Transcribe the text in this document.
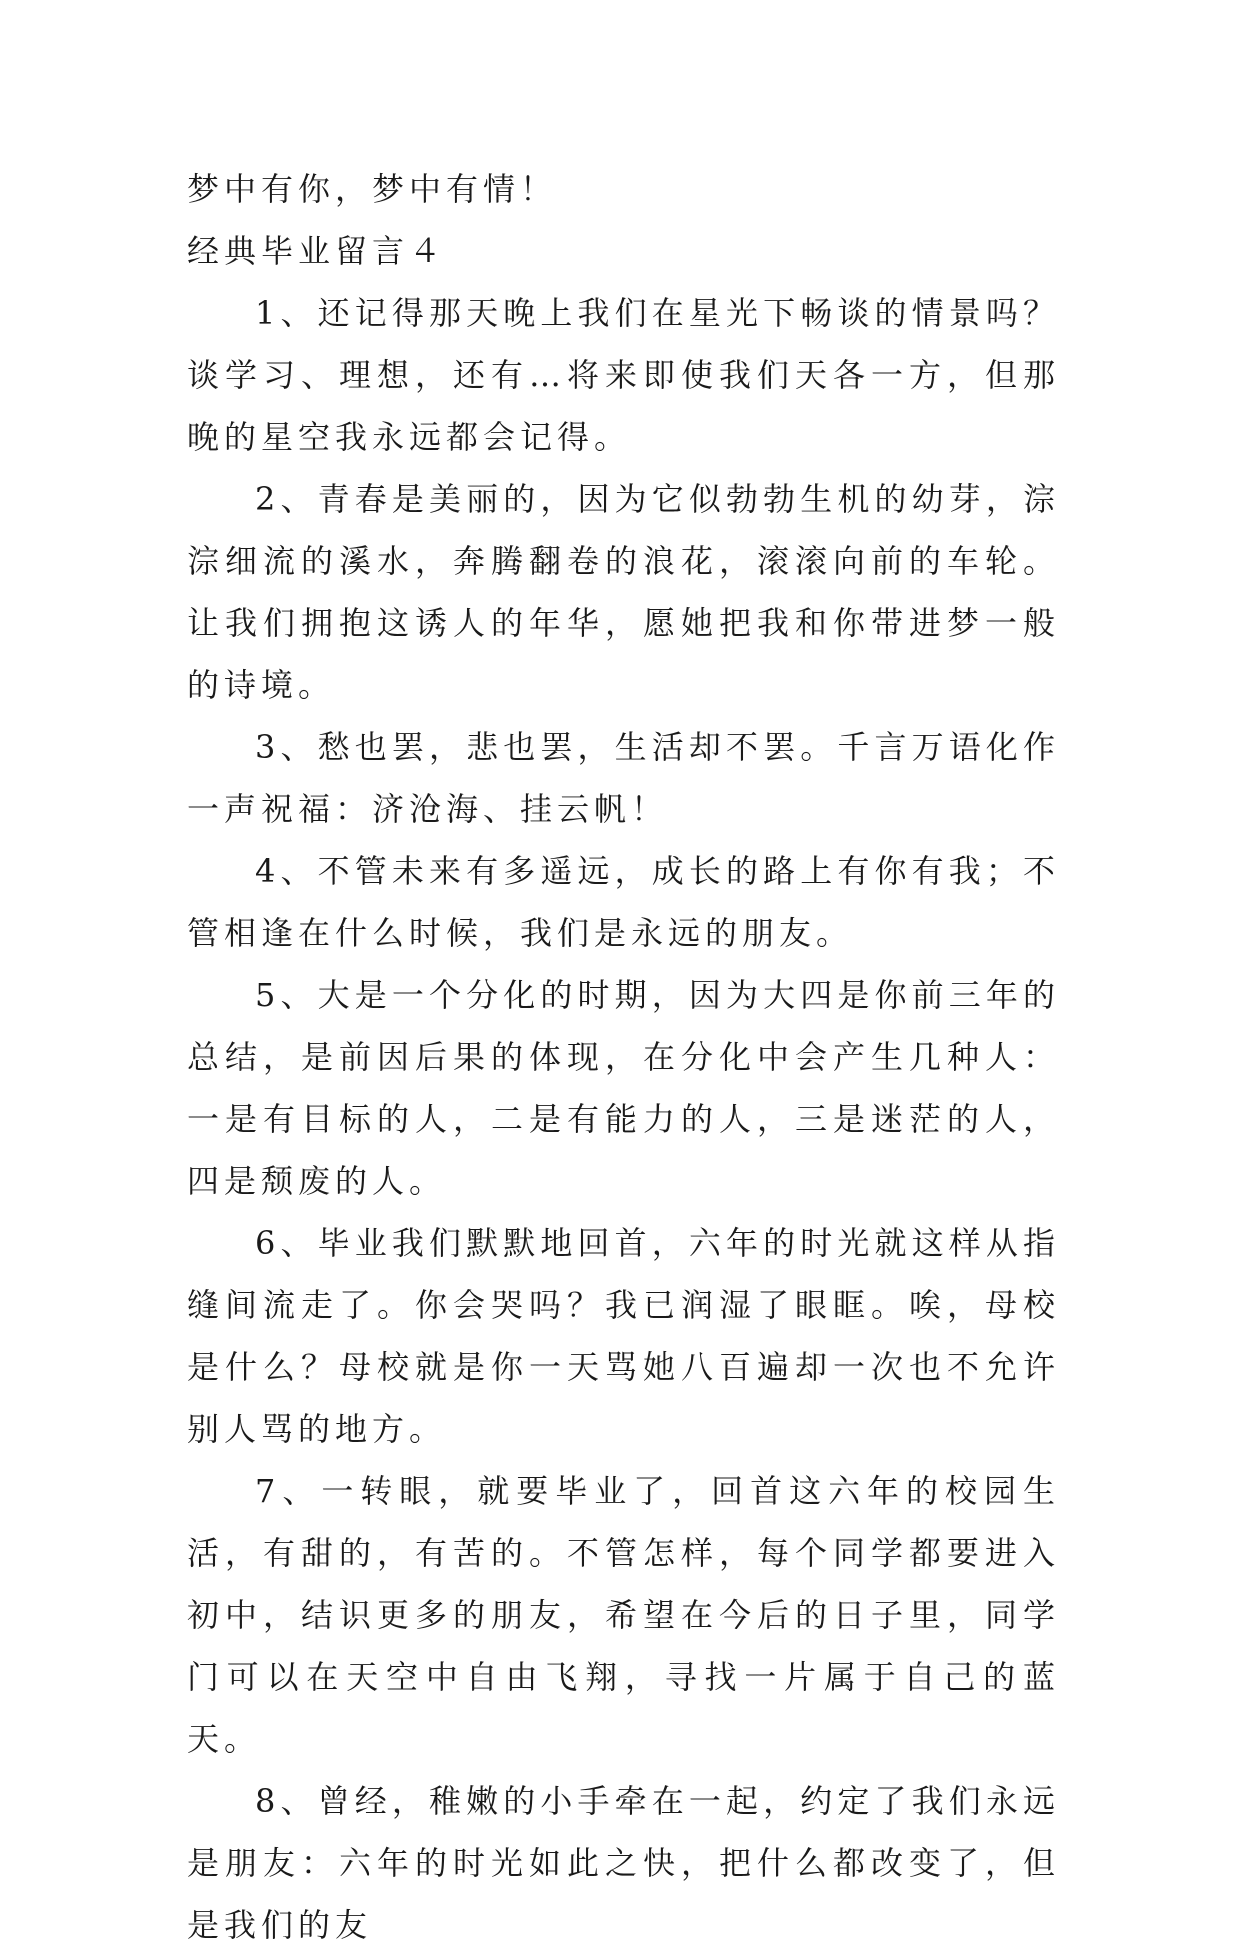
梦中有你，梦中有情！

经典毕业留言４

1、还记得那天晚上我们在星光下畅谈的情景吗？谈学习、理想，还有…将来即使我们天各一方，但那晚的星空我永远都会记得。

2、青春是美丽的，因为它似勃勃生机的幼芽，淙淙细流的溪水，奔腾翻卷的浪花，滚滚向前的车轮。让我们拥抱这诱人的年华，愿她把我和你带进梦一般的诗境。

3、愁也罢，悲也罢，生活却不罢。千言万语化作一声祝福：济沧海、挂云帆！

4、不管未来有多遥远，成长的路上有你有我；不管相逢在什么时候，我们是永远的朋友。

5、大是一个分化的时期，因为大四是你前三年的总结，是前因后果的体现，在分化中会产生几种人：一是有目标的人，二是有能力的人，三是迷茫的人，四是颓废的人。

6、毕业我们默默地回首，六年的时光就这样从指缝间流走了。你会哭吗？我已润湿了眼眶。唉，母校是什么？母校就是你一天骂她八百遍却一次也不允许别人骂的地方。

7、一转眼，就要毕业了，回首这六年的校园生活，有甜的，有苦的。不管怎样，每个同学都要进入初中，结识更多的朋友，希望在今后的日子里，同学门可以在天空中自由飞翔，寻找一片属于自己的蓝天。

8、曾经，稚嫩的小手牵在一起，约定了我们永远是朋友：六年的时光如此之快，把什么都改变了，但是我们的友
